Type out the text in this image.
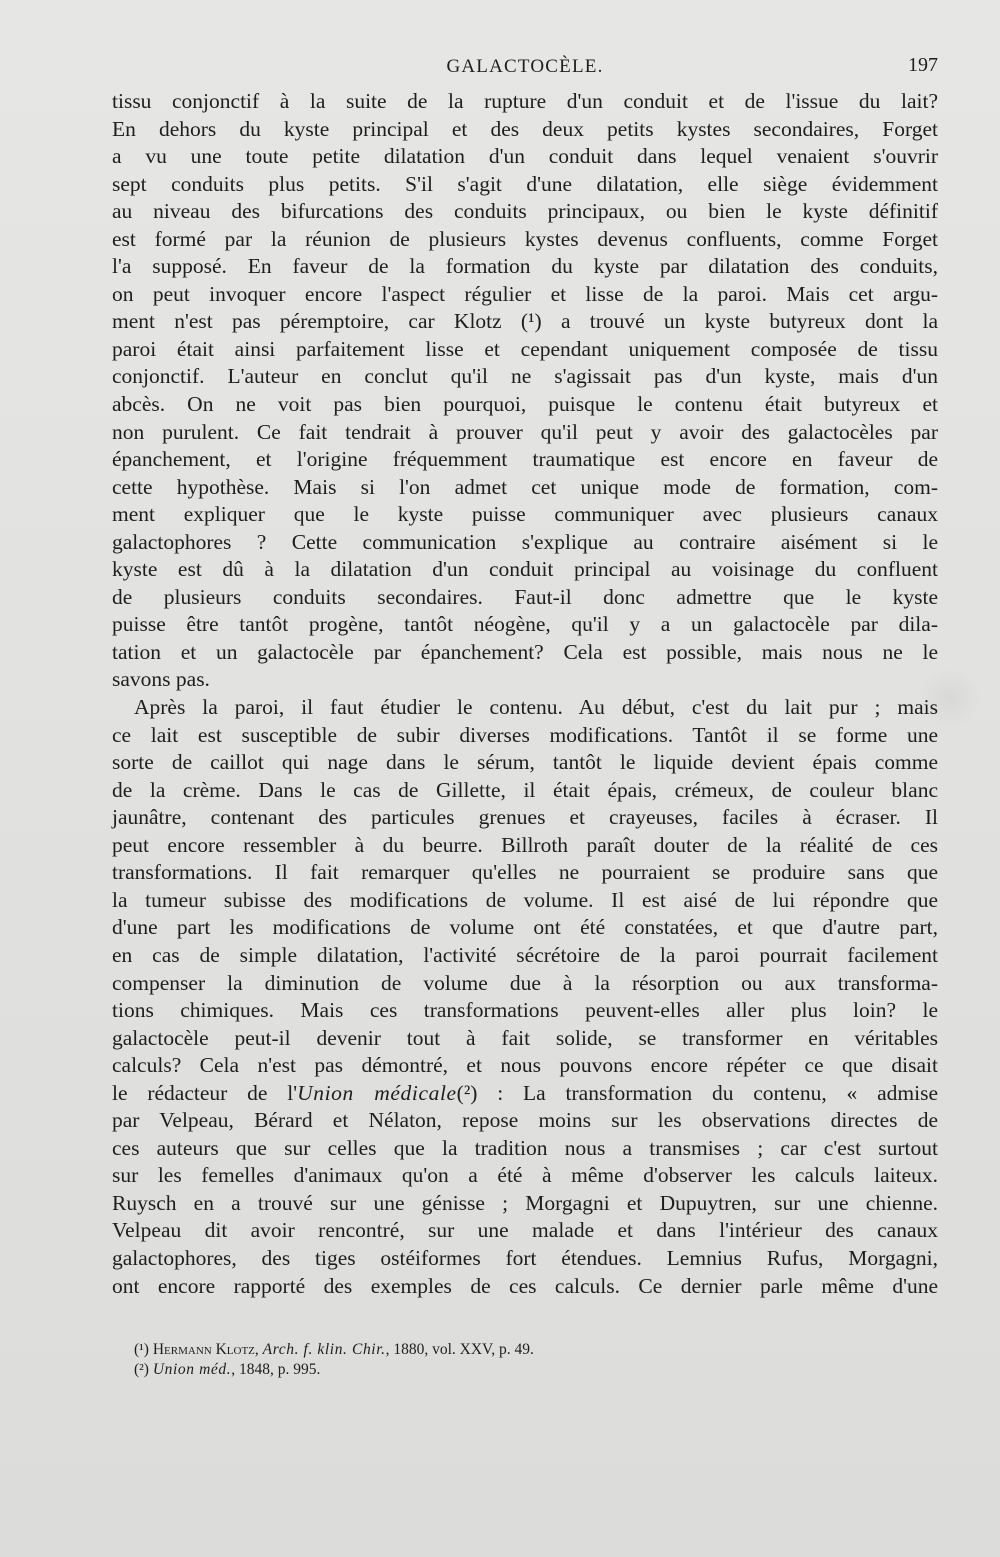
GALACTOCÈLE.	197
tissu conjonctif à la suite de la rupture d'un conduit et de l'issue du lait?
En dehors du kyste principal et des deux petits kystes secondaires, Forget
a vu une toute petite dilatation d'un conduit dans lequel venaient s'ouvrir
sept conduits plus petits. S'il s'agit d'une dilatation, elle siège évidemment
au niveau des bifurcations des conduits principaux, ou bien le kyste définitif
est formé par la réunion de plusieurs kystes devenus confluents, comme Forget
l'a supposé. En faveur de la formation du kyste par dilatation des conduits,
on peut invoquer encore l'aspect régulier et lisse de la paroi. Mais cet argu-
ment n'est pas péremptoire, car Klotz (¹) a trouvé un kyste butyreux dont la
paroi était ainsi parfaitement lisse et cependant uniquement composée de tissu
conjonctif. L'auteur en conclut qu'il ne s'agissait pas d'un kyste, mais d'un
abcès. On ne voit pas bien pourquoi, puisque le contenu était butyreux et
non purulent. Ce fait tendrait à prouver qu'il peut y avoir des galactocèles par
épanchement, et l'origine fréquemment traumatique est encore en faveur de
cette hypothèse. Mais si l'on admet cet unique mode de formation, com-
ment expliquer que le kyste puisse communiquer avec plusieurs canaux
galactophores ? Cette communication s'explique au contraire aisément si le
kyste est dû à la dilatation d'un conduit principal au voisinage du confluent
de plusieurs conduits secondaires. Faut-il donc admettre que le kyste
puisse être tantôt progène, tantôt néogène, qu'il y a un galactocèle par dila-
tation et un galactocèle par épanchement? Cela est possible, mais nous ne le
savons pas.
Après la paroi, il faut étudier le contenu. Au début, c'est du lait pur ; mais
ce lait est susceptible de subir diverses modifications. Tantôt il se forme une
sorte de caillot qui nage dans le sérum, tantôt le liquide devient épais comme
de la crème. Dans le cas de Gillette, il était épais, crémeux, de couleur blanc
jaunâtre, contenant des particules grenues et crayeuses, faciles à écraser. Il
peut encore ressembler à du beurre. Billroth paraît douter de la réalité de ces
transformations. Il fait remarquer qu'elles ne pourraient se produire sans que
la tumeur subisse des modifications de volume. Il est aisé de lui répondre que
d'une part les modifications de volume ont été constatées, et que d'autre part,
en cas de simple dilatation, l'activité sécrétoire de la paroi pourrait facilement
compenser la diminution de volume due à la résorption ou aux transforma-
tions chimiques. Mais ces transformations peuvent-elles aller plus loin? le
galactocèle peut-il devenir tout à fait solide, se transformer en véritables
calculs? Cela n'est pas démontré, et nous pouvons encore répéter ce que disait
le rédacteur de l'Union médicale(²) : La transformation du contenu, « admise
par Velpeau, Bérard et Nélaton, repose moins sur les observations directes de
ces auteurs que sur celles que la tradition nous a transmises ; car c'est surtout
sur les femelles d'animaux qu'on a été à même d'observer les calculs laiteux.
Ruysch en a trouvé sur une génisse ; Morgagni et Dupuytren, sur une chienne.
Velpeau dit avoir rencontré, sur une malade et dans l'intérieur des canaux
galactophores, des tiges ostéiformes fort étendues. Lemnius Rufus, Morgagni,
ont encore rapporté des exemples de ces calculs. Ce dernier parle même d'une
(¹) Hermann Klotz, Arch. f. klin. Chir., 1880, vol. XXV, p. 49.
(²) Union méd., 1848, p. 995.
